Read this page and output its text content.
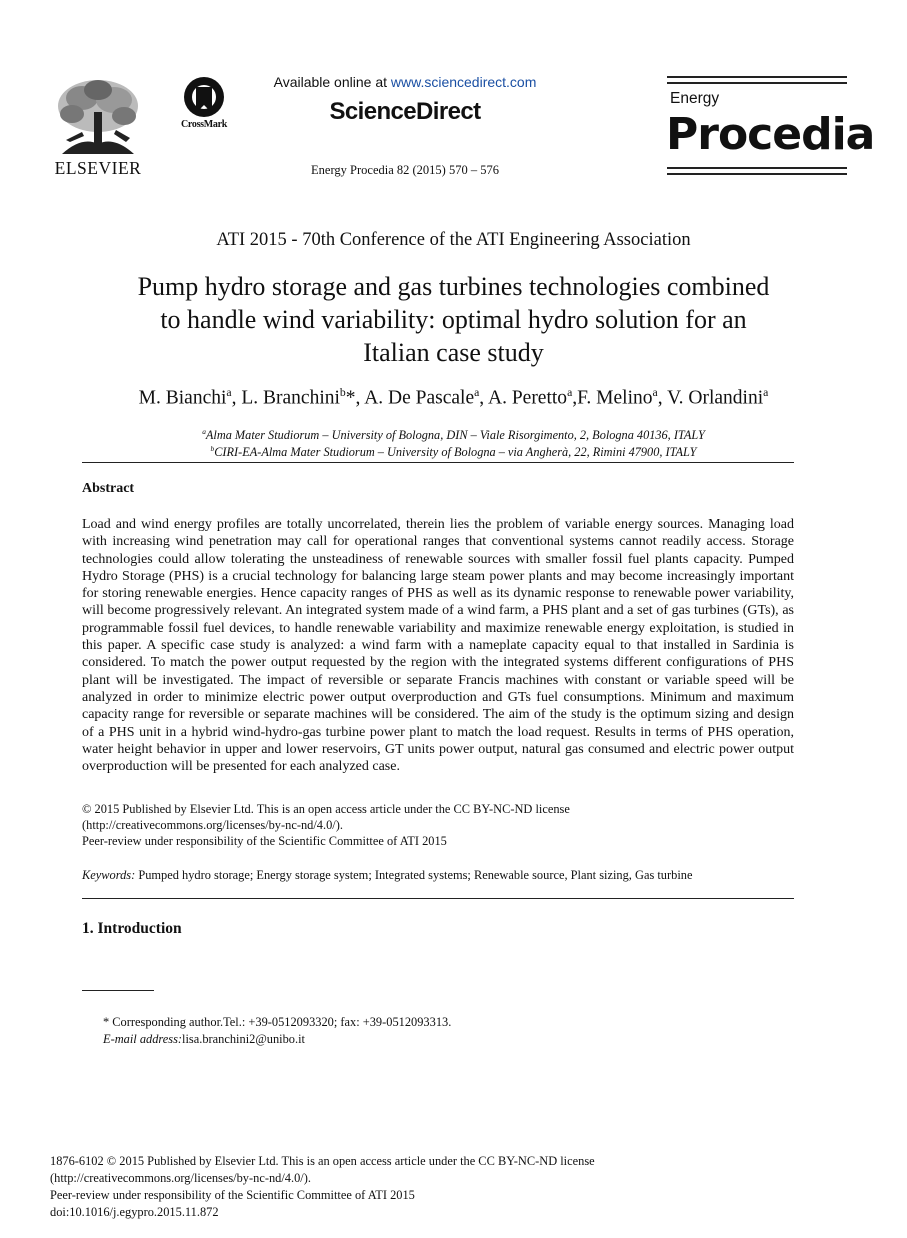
ELSEVIER
CrossMark
Available online at www.sciencedirect.com
ScienceDirect
Energy Procedia 82 (2015) 570 – 576
Energy
Procedia
ATI 2015 - 70th Conference of the ATI Engineering Association
Pump hydro storage and gas turbines technologies combined
to handle wind variability: optimal hydro solution for an
Italian case study
M. Bianchi$^a$, L. Branchini$^b$*, A. De Pascale$^a$, A. Peretto$^a$,F. Melino$^a$, V. Orlandini$^a$
$^a$Alma Mater Studiorum – University of Bologna, DIN – Viale Risorgimento, 2, Bologna 40136, ITALY
$^b$CIRI-EA-Alma Mater Studiorum – University of Bologna – via Angherà, 22, Rimini 47900, ITALY
Abstract
Load and wind energy profiles are totally uncorrelated, therein lies the problem of variable energy sources. Managing load with increasing wind penetration may call for operational ranges that conventional systems cannot readily access. Storage technologies could allow tolerating the unsteadiness of renewable sources with smaller fossil fuel plants capacity. Pumped Hydro Storage (PHS) is a crucial technology for balancing large steam power plants and may become increasingly important for storing renewable energies. Hence capacity ranges of PHS as well as its dynamic response to renewable power variability, will become progressively relevant. An integrated system made of a wind farm, a PHS plant and a set of gas turbines (GTs), as programmable fossil fuel devices, to handle renewable variability and maximize renewable energy exploitation, is studied in this paper. A specific case study is analyzed: a wind farm with a nameplate capacity equal to that installed in Sardinia is considered. To match the power output requested by the region with the integrated systems different configurations of PHS plant will be investigated. The impact of reversible or separate Francis machines with constant or variable speed will be analyzed in order to minimize electric power output overproduction and GTs fuel consumptions. Minimum and maximum capacity range for reversible or separate machines will be considered. The aim of the study is the optimum sizing and design of a PHS unit in a hybrid wind-hydro-gas turbine power plant to match the load request. Results in terms of PHS operation, water height behavior in upper and lower reservoirs, GT units power output, natural gas consumed and electric power output overproduction will be presented for each analyzed case.
© 2015 Published by Elsevier Ltd. This is an open access article under the CC BY-NC-ND license
(http://creativecommons.org/licenses/by-nc-nd/4.0/).
Peer-review under responsibility of the Scientific Committee of ATI 2015
Keywords: Pumped hydro storage; Energy storage system; Integrated systems; Renewable source, Plant sizing, Gas turbine
1. Introduction
* Corresponding author.Tel.: +39-0512093320; fax: +39-0512093313.
E-mail address:lisa.branchini2@unibo.it
1876-6102 © 2015 Published by Elsevier Ltd. This is an open access article under the CC BY-NC-ND license
(http://creativecommons.org/licenses/by-nc-nd/4.0/).
Peer-review under responsibility of the Scientific Committee of ATI 2015
doi:10.1016/j.egypro.2015.11.872
